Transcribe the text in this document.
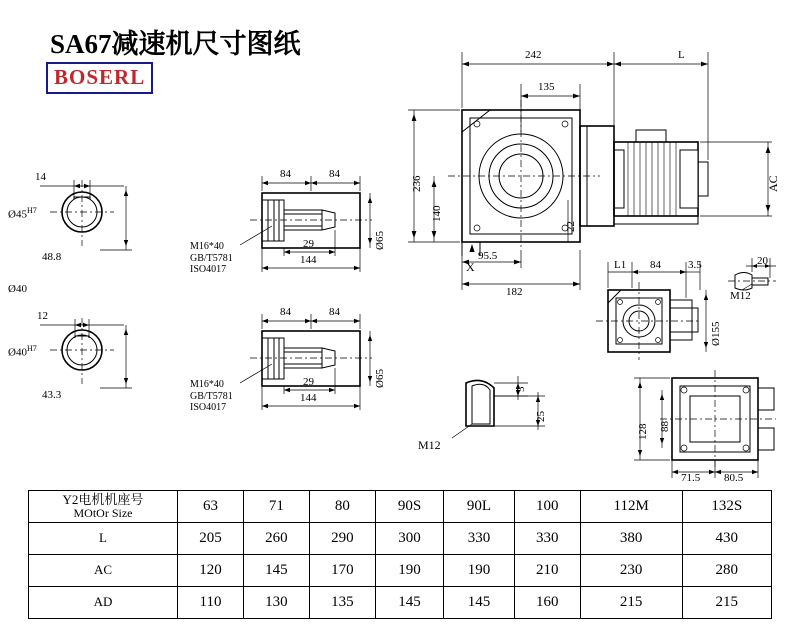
SA67减速机尺寸图纸
BOSERL
14
$Ø45^{H7}$
48.8
Ø40
12
$Ø40^{H7}$
43.3
84	84
29
144
Ø65
M16*40
GB/T5781
ISO4017
84	84
29
144
Ø65
M16*40
GB/T5781
ISO4017
242	L
135
236
140
22
95.5
182
X
AC
L1 84 3.5
Ø155
20
M12
5
25
M12
128 88
71.5 80.5
Y2电机机座号
MOtOr Size	63	71	80	90S	90L	100	112M	132S
L	205	260	290	300	330	330	380	430
AC	120	145	170	190	190	210	230	280
AD	110	130	135	145	145	160	215	215
